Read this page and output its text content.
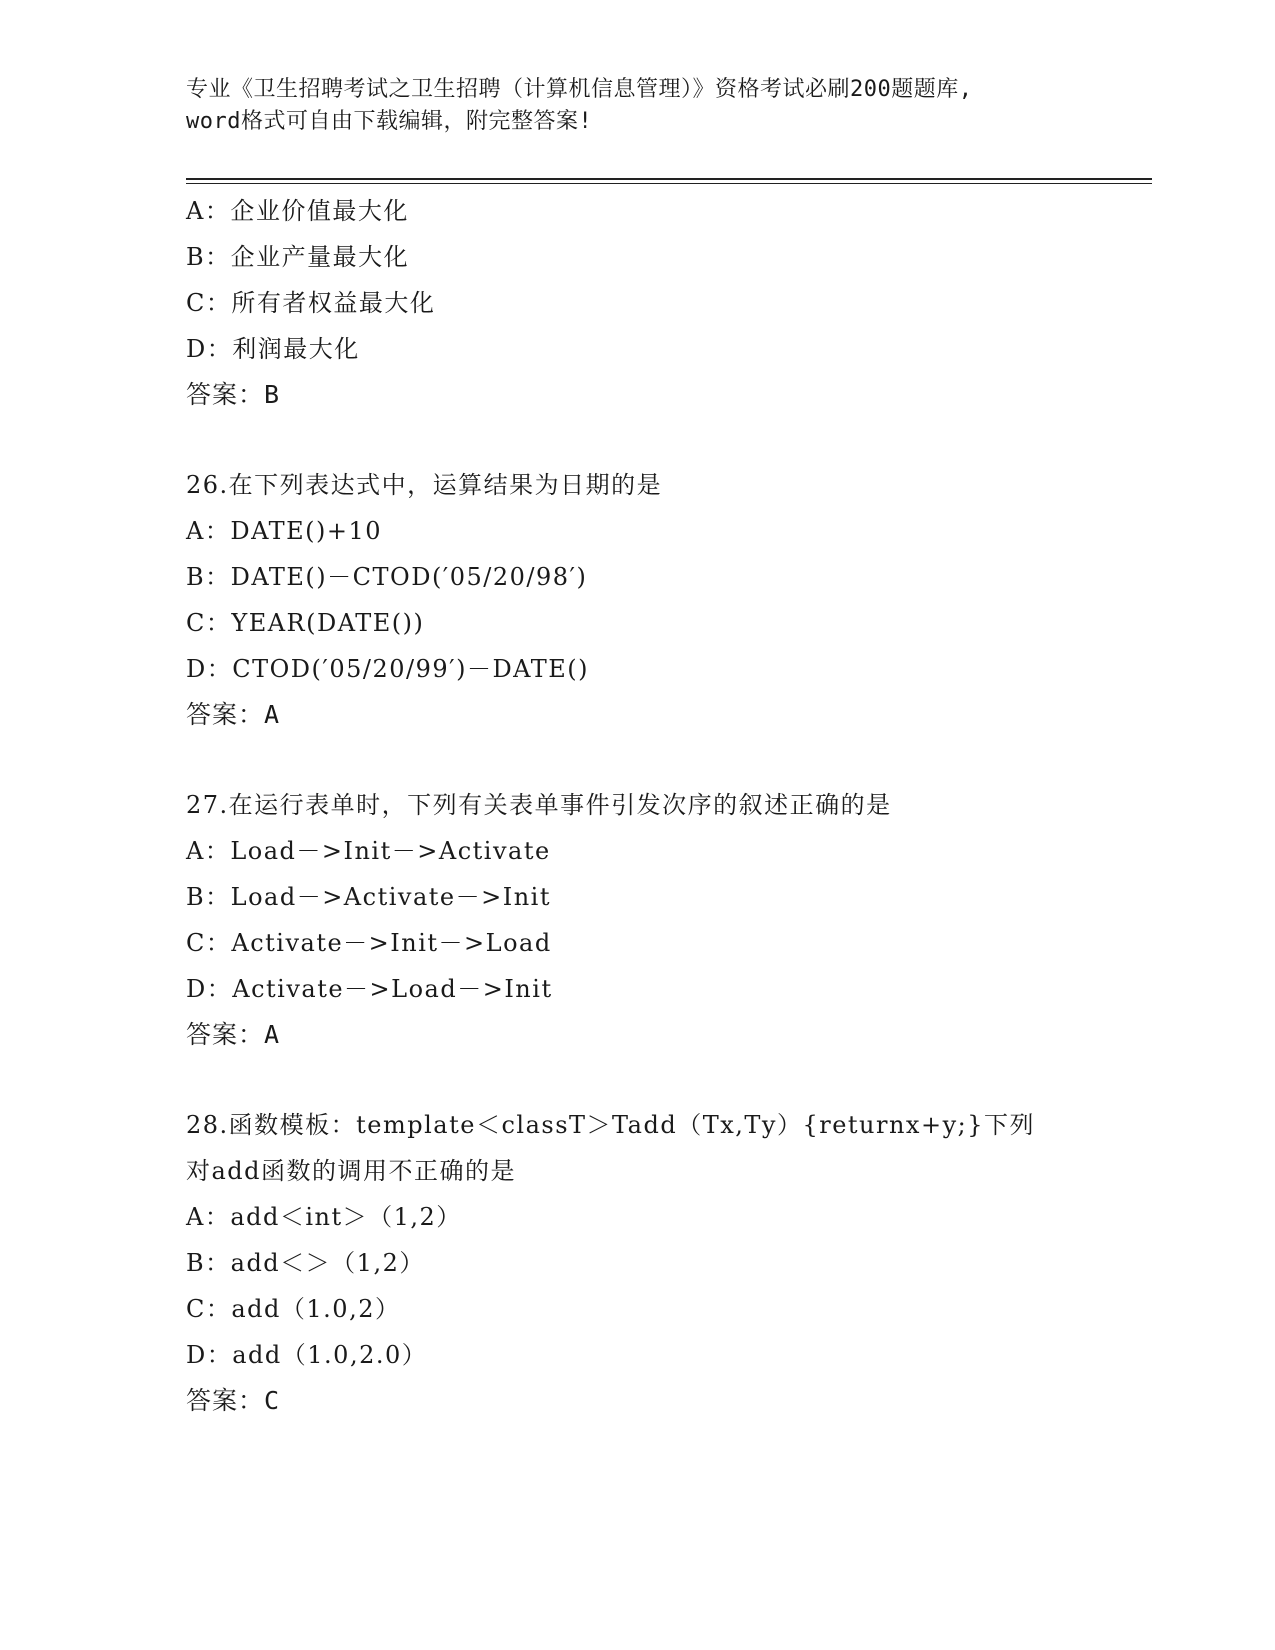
专业《卫生招聘考试之卫生招聘（计算机信息管理）》资格考试必刷200题题库,
word格式可自由下载编辑，附完整答案!
A：企业价值最大化
B：企业产量最大化
C：所有者权益最大化
D：利润最大化
答案：B
26.在下列表达式中，运算结果为日期的是
A：DATE()+10
B：DATE()－CTOD(′05/20/98′)
C：YEAR(DATE())
D：CTOD(′05/20/99′)－DATE()
答案：A
27.在运行表单时，下列有关表单事件引发次序的叙述正确的是
A：Load－>Init－>Activate
B：Load－>Activate－>Init
C：Activate－>Init－>Load
D：Activate－>Load－>Init
答案：A
28.函数模板：template＜classT＞Tadd（Tx,Ty）{returnx+y;}下列
对add函数的调用不正确的是
A：add＜int＞（1,2）
B：add＜＞（1,2）
C：add（1.0,2）
D：add（1.0,2.0）
答案：C
